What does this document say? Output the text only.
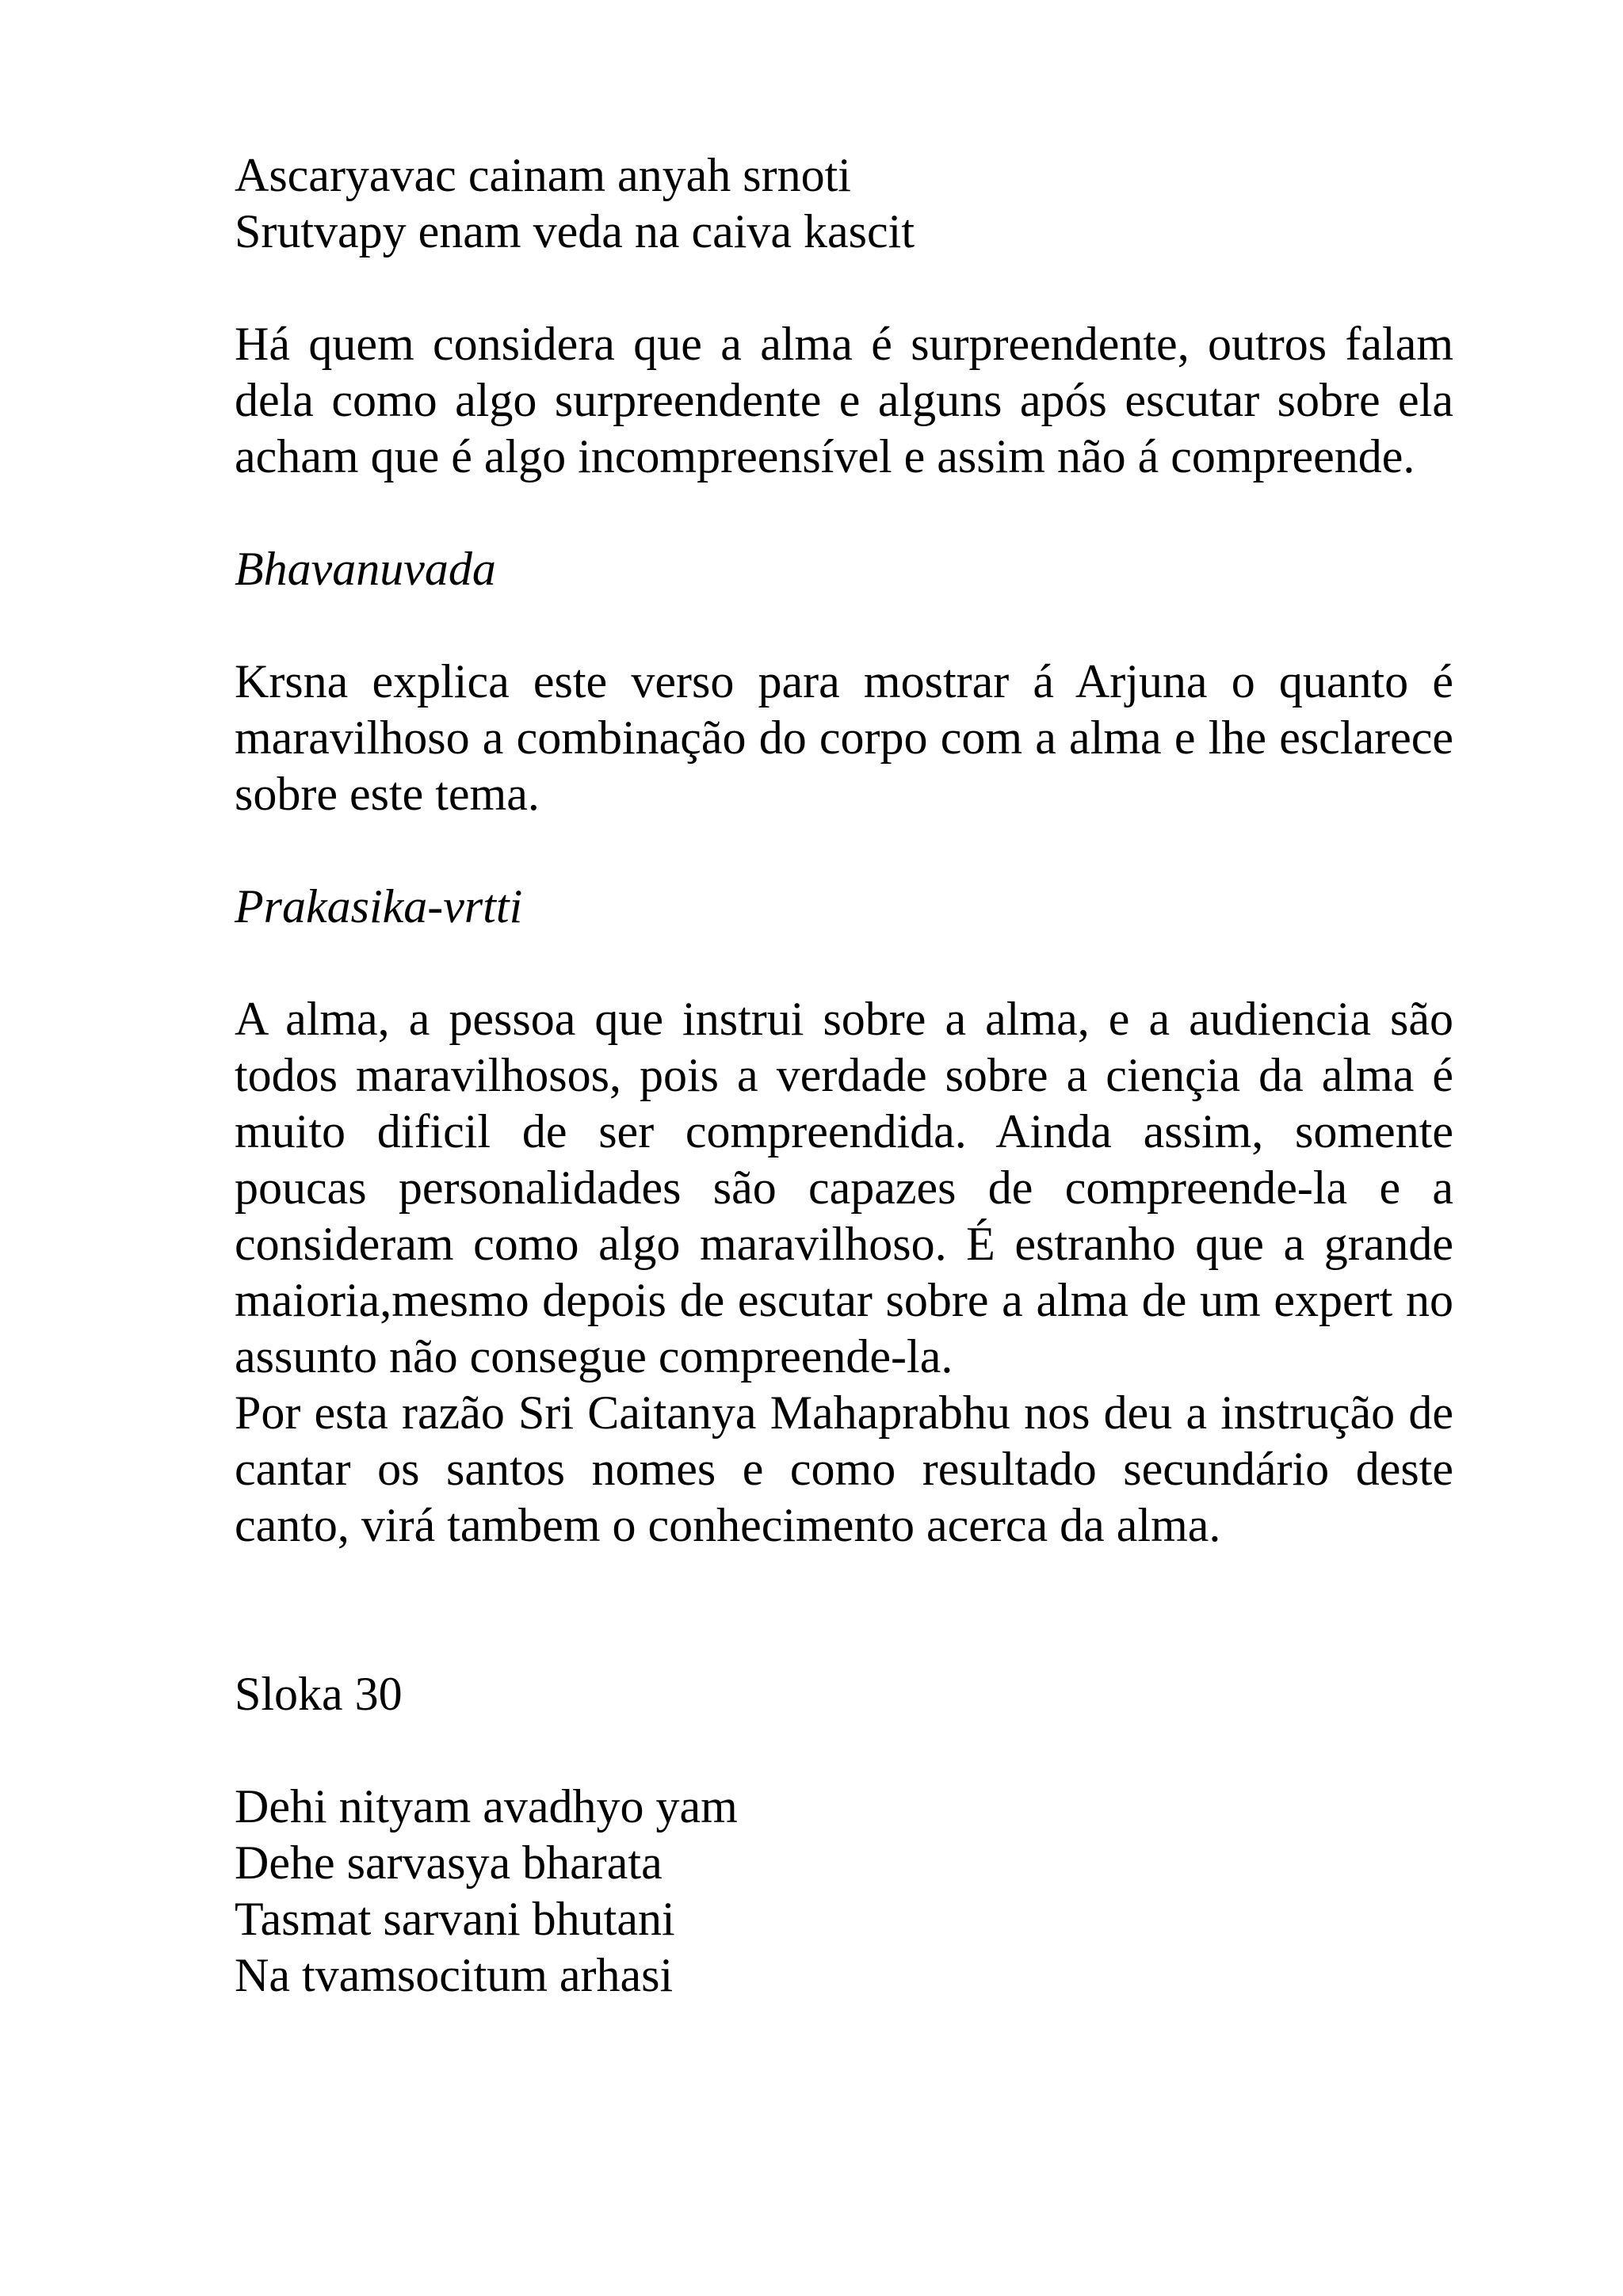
Ascaryavac cainam anyah srnoti
Srutvapy enam veda na caiva kascit

Há quem considera que a alma é surpreendente, outros falam dela como algo surpreendente e alguns após escutar sobre ela acham que é algo incompreensível e assim não á compreende.

Bhavanuvada

Krsna explica este verso para mostrar á Arjuna o quanto é maravilhoso a combinação do corpo com a alma e lhe esclarece sobre este tema.

Prakasika-vrtti

A alma, a pessoa que instrui sobre a alma, e a audiencia são todos maravilhosos, pois a verdade sobre a ciençia da alma é muito dificil de ser compreendida. Ainda assim, somente poucas personalidades são capazes de compreende-la e a consideram como algo maravilhoso. É estranho que a grande maioria,mesmo depois de escutar sobre a alma de um expert no assunto não consegue compreende-la.

Por esta razão Sri Caitanya Mahaprabhu nos deu a instrução de cantar os santos nomes e como resultado secundário deste canto, virá tambem o conhecimento acerca da alma.

Sloka 30
Dehi nityam avadhyo yam
Dehe sarvasya bharata
Tasmat sarvani bhutani
Na tvamsocitum arhasi
